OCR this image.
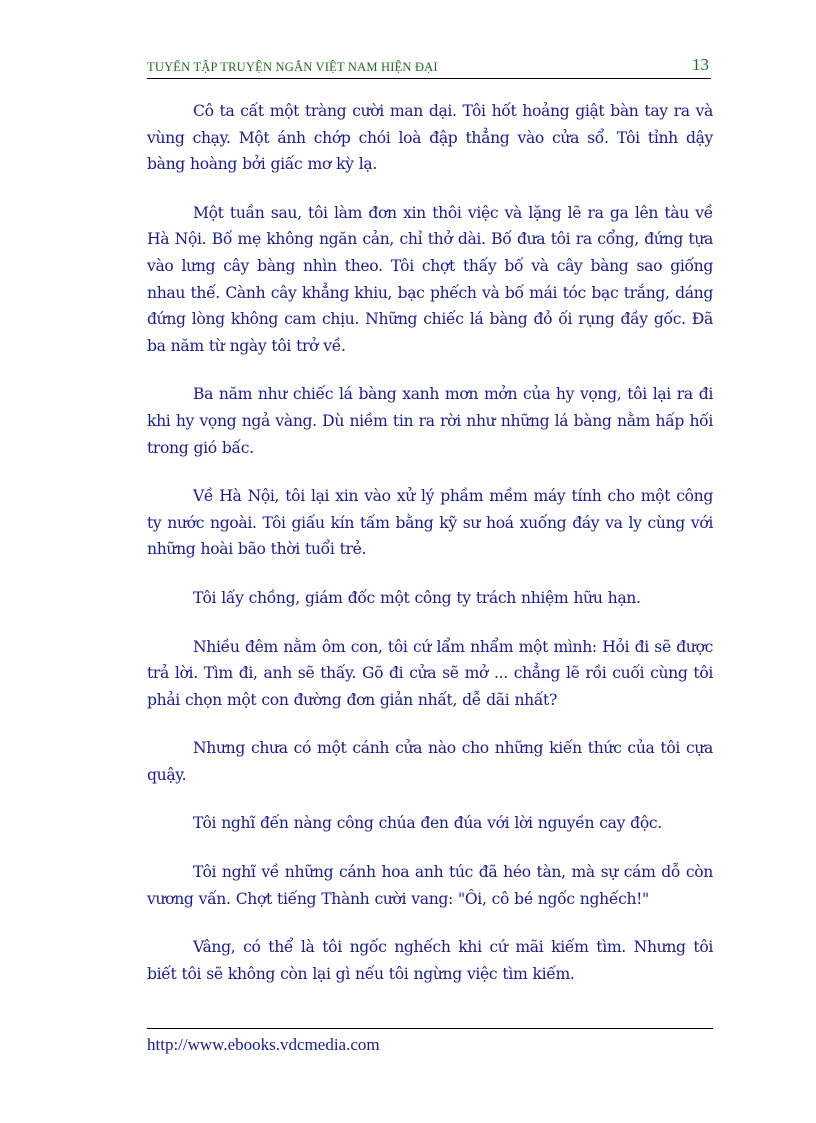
TUYỂN TẬP TRUYỆN NGẮN VIỆT NAM HIỆN ĐẠI	13

Cô ta cất một tràng cười man dại. Tôi hốt hoảng giật bàn tay ra và vùng chạy. Một ánh chớp chói loà đập thẳng vào cửa sổ. Tôi tỉnh dậy bàng hoàng bởi giấc mơ kỳ lạ.

Một tuần sau, tôi làm đơn xin thôi việc và lặng lẽ ra ga lên tàu về Hà Nội. Bố mẹ không ngăn cản, chỉ thở dài. Bố đưa tôi ra cổng, đứng tựa vào lưng cây bàng nhìn theo. Tôi chợt thấy bố và cây bàng sao giống nhau thế. Cành cây khẳng khiu, bạc phếch và bố mái tóc bạc trắng, dáng đứng lòng không cam chịu. Những chiếc lá bàng đỏ ối rụng đầy gốc. Đã ba năm từ ngày tôi trở về.

Ba năm như chiếc lá bàng xanh mơn mởn của hy vọng, tôi lại ra đi khi hy vọng ngả vàng. Dù niềm tin ra rời như những lá bàng nằm hấp hối trong gió bấc.

Về Hà Nội, tôi lại xin vào xử lý phầm mềm máy tính cho một công ty nước ngoài. Tôi giấu kín tấm bằng kỹ sư hoá xuống đáy va ly cùng với những hoài bão thời tuổi trẻ.

Tôi lấy chồng, giám đốc một công ty trách nhiệm hữu hạn.

Nhiều đêm nằm ôm con, tôi cứ lẩm nhẩm một mình: Hỏi đi sẽ được trả lời. Tìm đi, anh sẽ thấy. Gõ đi cửa sẽ mở ... chẳng lẽ rồi cuối cùng tôi phải chọn một con đường đơn giản nhất, dễ dãi nhất?

Nhưng chưa có một cánh cửa nào cho những kiến thức của tôi cựa quậy.

Tôi nghĩ đến nàng công chúa đen đúa với lời nguyền cay độc.

Tôi nghĩ về những cánh hoa anh túc đã héo tàn, mà sự cám dỗ còn vương vấn. Chợt tiếng Thành cười vang: "Ôi, cô bé ngốc nghếch!"

Vâng, có thể là tôi ngốc nghếch khi cứ mãi kiếm tìm. Nhưng tôi biết tôi sẽ không còn lại gì nếu tôi ngừng việc tìm kiếm.

http://www.ebooks.vdcmedia.com
